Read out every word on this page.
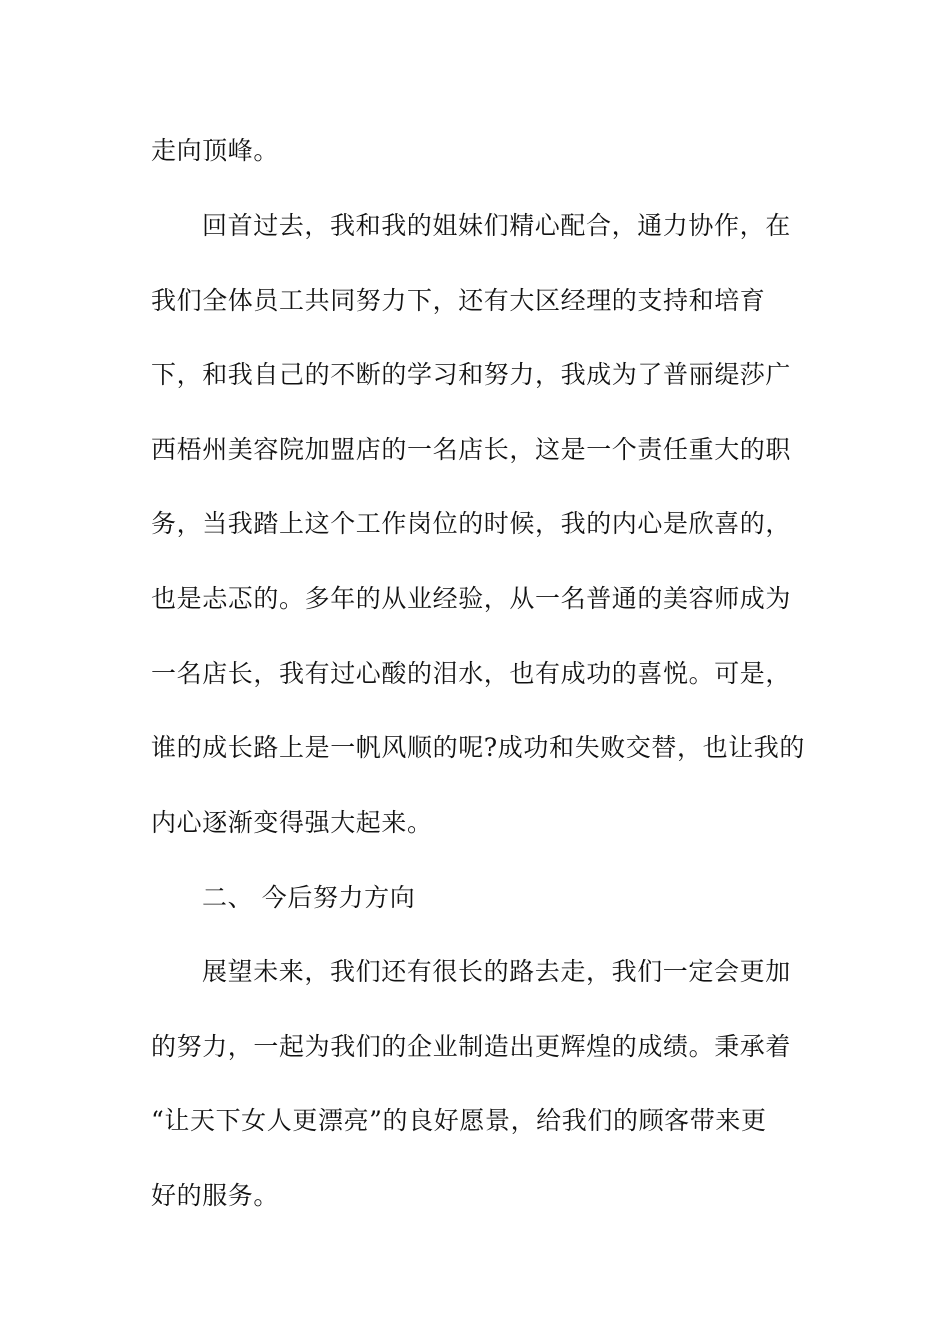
走向顶峰。
回首过去，我和我的姐妹们精心配合，通力协作，在
我们全体员工共同努力下，还有大区经理的支持和培育
下，和我自己的不断的学习和努力，我成为了普丽缇莎广
西梧州美容院加盟店的一名店长，这是一个责任重大的职
务，当我踏上这个工作岗位的时候，我的内心是欣喜的，
也是忐忑的。多年的从业经验，从一名普通的美容师成为
一名店长，我有过心酸的泪水，也有成功的喜悦。可是，
谁的成长路上是一帆风顺的呢?成功和失败交替，也让我的
内心逐渐变得强大起来。
二、 今后努力方向
展望未来，我们还有很长的路去走，我们一定会更加
的努力，一起为我们的企业制造出更辉煌的成绩。秉承着
“让天下女人更漂亮”的良好愿景，给我们的顾客带来更
好的服务。
